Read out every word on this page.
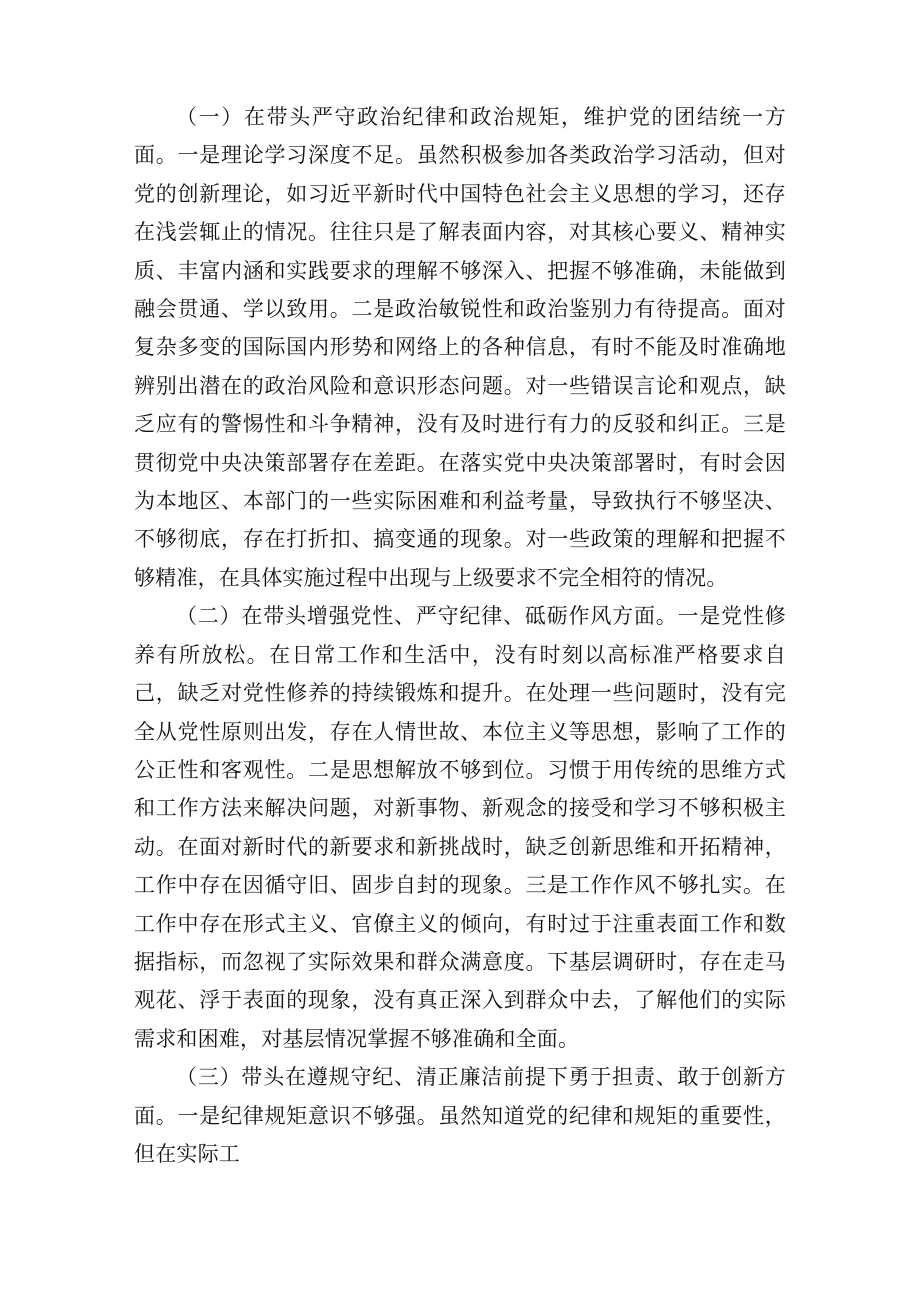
（一）在带头严守政治纪律和政治规矩，维护党的团结统一方面。一是理论学习深度不足。虽然积极参加各类政治学习活动，但对党的创新理论，如习近平新时代中国特色社会主义思想的学习，还存在浅尝辄止的情况。往往只是了解表面内容，对其核心要义、精神实质、丰富内涵和实践要求的理解不够深入、把握不够准确，未能做到融会贯通、学以致用。二是政治敏锐性和政治鉴别力有待提高。面对复杂多变的国际国内形势和网络上的各种信息，有时不能及时准确地辨别出潜在的政治风险和意识形态问题。对一些错误言论和观点，缺乏应有的警惕性和斗争精神，没有及时进行有力的反驳和纠正。三是贯彻党中央决策部署存在差距。在落实党中央决策部署时，有时会因为本地区、本部门的一些实际困难和利益考量，导致执行不够坚决、不够彻底，存在打折扣、搞变通的现象。对一些政策的理解和把握不够精准，在具体实施过程中出现与上级要求不完全相符的情况。

（二）在带头增强党性、严守纪律、砥砺作风方面。一是党性修养有所放松。在日常工作和生活中，没有时刻以高标准严格要求自己，缺乏对党性修养的持续锻炼和提升。在处理一些问题时，没有完全从党性原则出发，存在人情世故、本位主义等思想，影响了工作的公正性和客观性。二是思想解放不够到位。习惯于用传统的思维方式和工作方法来解决问题，对新事物、新观念的接受和学习不够积极主动。在面对新时代的新要求和新挑战时，缺乏创新思维和开拓精神，工作中存在因循守旧、固步自封的现象。三是工作作风不够扎实。在工作中存在形式主义、官僚主义的倾向，有时过于注重表面工作和数据指标，而忽视了实际效果和群众满意度。下基层调研时，存在走马观花、浮于表面的现象，没有真正深入到群众中去，了解他们的实际需求和困难，对基层情况掌握不够准确和全面。

（三）带头在遵规守纪、清正廉洁前提下勇于担责、敢于创新方面。一是纪律规矩意识不够强。虽然知道党的纪律和规矩的重要性，但在实际工
